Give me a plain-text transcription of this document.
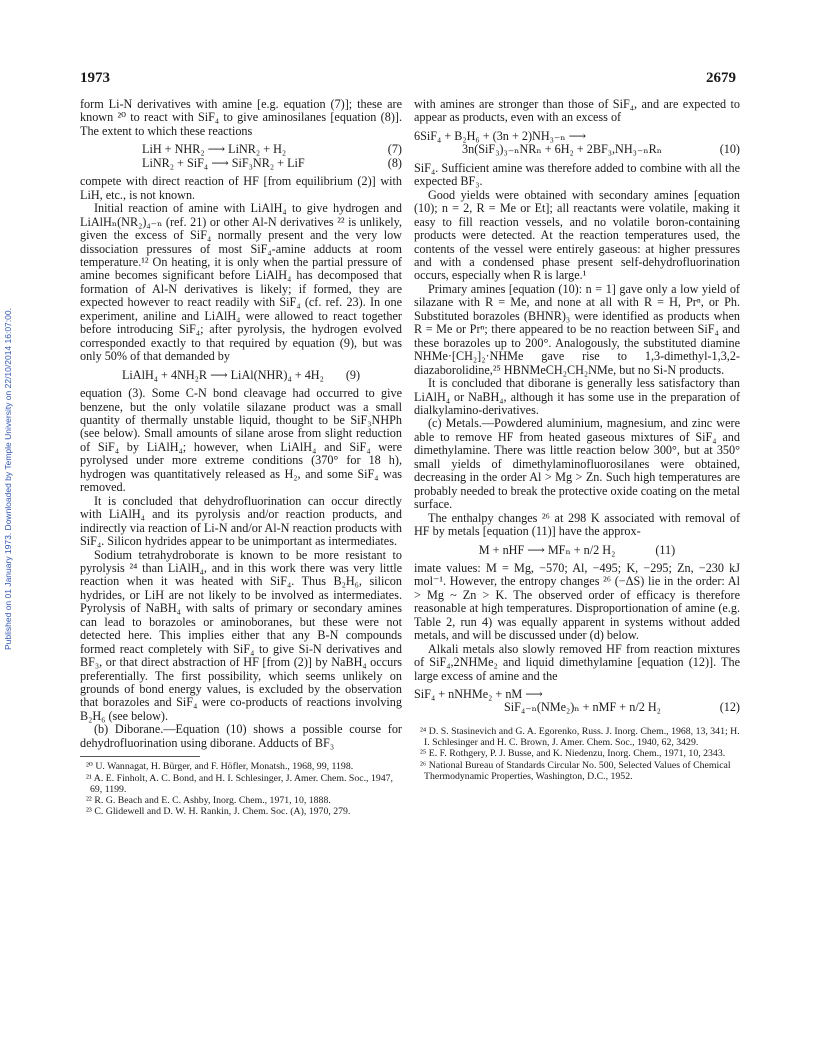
Published on 01 January 1973. Downloaded by Temple University on 22/10/2014 16:07:00.
1973	2679

form Li-N derivatives with amine [e.g. equation (7)]; these are known ²⁰ to react with SiF₄ to give aminosilanes [equation (8)]. The extent to which these reactions

LiH + NHR₂ ⟶ LiNR₂ + H₂	(7)
LiNR₂ + SiF₄ ⟶ SiF₃NR₂ + LiF	(8)

compete with direct reaction of HF [from equilibrium (2)] with LiH, etc., is not known.

Initial reaction of amine with LiAlH₄ to give hydrogen and LiAlHₙ(NR₂)₄₋ₙ (ref. 21) or other Al-N derivatives ²² is unlikely, given the excess of SiF₄ normally present and the very low dissociation pressures of most SiF₄-amine adducts at room temperature.¹² On heating, it is only when the partial pressure of amine becomes significant before LiAlH₄ has decomposed that formation of Al-N derivatives is likely; if formed, they are expected however to react readily with SiF₄ (cf. ref. 23). In one experiment, aniline and LiAlH₄ were allowed to react together before introducing SiF₄; after pyrolysis, the hydrogen evolved corresponded exactly to that required by equation (9), but was only 50% of that demanded by

LiAlH₄ + 4NH₂R ⟶ LiAl(NHR)₄ + 4H₂ (9)

equation (3). Some C-N bond cleavage had occurred to give benzene, but the only volatile silazane product was a small quantity of thermally unstable liquid, thought to be SiF₃NHPh (see below). Small amounts of silane arose from slight reduction of SiF₄ by LiAlH₄; however, when LiAlH₄ and SiF₄ were pyrolysed under more extreme conditions (370° for 18 h), hydrogen was quantitatively released as H₂, and some SiF₄ was removed.

It is concluded that dehydrofluorination can occur directly with LiAlH₄ and its pyrolysis and/or reaction products, and indirectly via reaction of Li-N and/or Al-N reaction products with SiF₄. Silicon hydrides appear to be unimportant as intermediates.

Sodium tetrahydroborate is known to be more resistant to pyrolysis ²⁴ than LiAlH₄, and in this work there was very little reaction when it was heated with SiF₄. Thus B₂H₆, silicon hydrides, or LiH are not likely to be involved as intermediates. Pyrolysis of NaBH₄ with salts of primary or secondary amines can lead to borazoles or aminoboranes, but these were not detected here. This implies either that any B-N compounds formed react completely with SiF₄ to give Si-N derivatives and BF₃, or that direct abstraction of HF [from (2)] by NaBH₄ occurs preferentially. The first possibility, which seems unlikely on grounds of bond energy values, is excluded by the observation that borazoles and SiF₄ were co-products of reactions involving B₂H₆ (see below).

(b) Diborane.—Equation (10) shows a possible course for dehydrofluorination using diborane. Adducts of BF₃

²⁰ U. Wannagat, H. Bürger, and F. Höfler, Monatsh., 1968, 99, 1198.

²¹ A. E. Finholt, A. C. Bond, and H. I. Schlesinger, J. Amer. Chem. Soc., 1947, 69, 1199.

²² R. G. Beach and E. C. Ashby, Inorg. Chem., 1971, 10, 1888.

²³ C. Glidewell and D. W. H. Rankin, J. Chem. Soc. (A), 1970, 279.

with amines are stronger than those of SiF₄, and are expected to appear as products, even with an excess of

6SiF₄ + B₂H₆ + (3n + 2)NH₃₋ₙ ⟶
3n(SiF₃)₃₋ₙNRₙ + 6H₂ + 2BF₃,NH₃₋ₙRₙ	(10)

SiF₄. Sufficient amine was therefore added to combine with all the expected BF₃.

Good yields were obtained with secondary amines [equation (10); n = 2, R = Me or Et]; all reactants were volatile, making it easy to fill reaction vessels, and no volatile boron-containing products were detected. At the reaction temperatures used, the contents of the vessel were entirely gaseous: at higher pressures and with a condensed phase present self-dehydrofluorination occurs, especially when R is large.¹

Primary amines [equation (10): n = 1] gave only a low yield of silazane with R = Me, and none at all with R = H, Prⁿ, or Ph. Substituted borazoles (BHNR)₃ were identified as products when R = Me or Prⁿ; there appeared to be no reaction between SiF₄ and these borazoles up to 200°. Analogously, the substituted diamine NHMe·[CH₂]₂·NHMe gave rise to 1,3-dimethyl-1,3,2-diazaborolidine,²⁵ HBNMeCH₂CH₂NMe, but no Si-N products.

It is concluded that diborane is generally less satisfactory than LiAlH₄ or NaBH₄, although it has some use in the preparation of dialkylamino-derivatives.

(c) Metals.—Powdered aluminium, magnesium, and zinc were able to remove HF from heated gaseous mixtures of SiF₄ and dimethylamine. There was little reaction below 300°, but at 350° small yields of dimethylaminofluorosilanes were obtained, decreasing in the order Al > Mg > Zn. Such high temperatures are probably needed to break the protective oxide coating on the metal surface.

The enthalpy changes ²⁶ at 298 K associated with removal of HF by metals [equation (11)] have the approx-

M + nHF ⟶ MFₙ + n/2 H₂	(11)

imate values: M = Mg, −570; Al, −495; K, −295; Zn, −230 kJ mol⁻¹. However, the entropy changes ²⁶ (−ΔS) lie in the order: Al > Mg ~ Zn > K. The observed order of efficacy is therefore reasonable at high temperatures. Disproportionation of amine (e.g. Table 2, run 4) was equally apparent in systems without added metals, and will be discussed under (d) below.

Alkali metals also slowly removed HF from reaction mixtures of SiF₄,2NHMe₂ and liquid dimethylamine [equation (12)]. The large excess of amine and the

SiF₄ + nNHMe₂ + nM ⟶
SiF₄₋ₙ(NMe₂)ₙ + nMF + n/2 H₂	(12)

²⁴ D. S. Stasinevich and G. A. Egorenko, Russ. J. Inorg. Chem., 1968, 13, 341; H. I. Schlesinger and H. C. Brown, J. Amer. Chem. Soc., 1940, 62, 3429.

²⁵ E. F. Rothgery, P. J. Busse, and K. Niedenzu, Inorg. Chem., 1971, 10, 2343.

²⁶ National Bureau of Standards Circular No. 500, Selected Values of Chemical Thermodynamic Properties, Washington, D.C., 1952.
